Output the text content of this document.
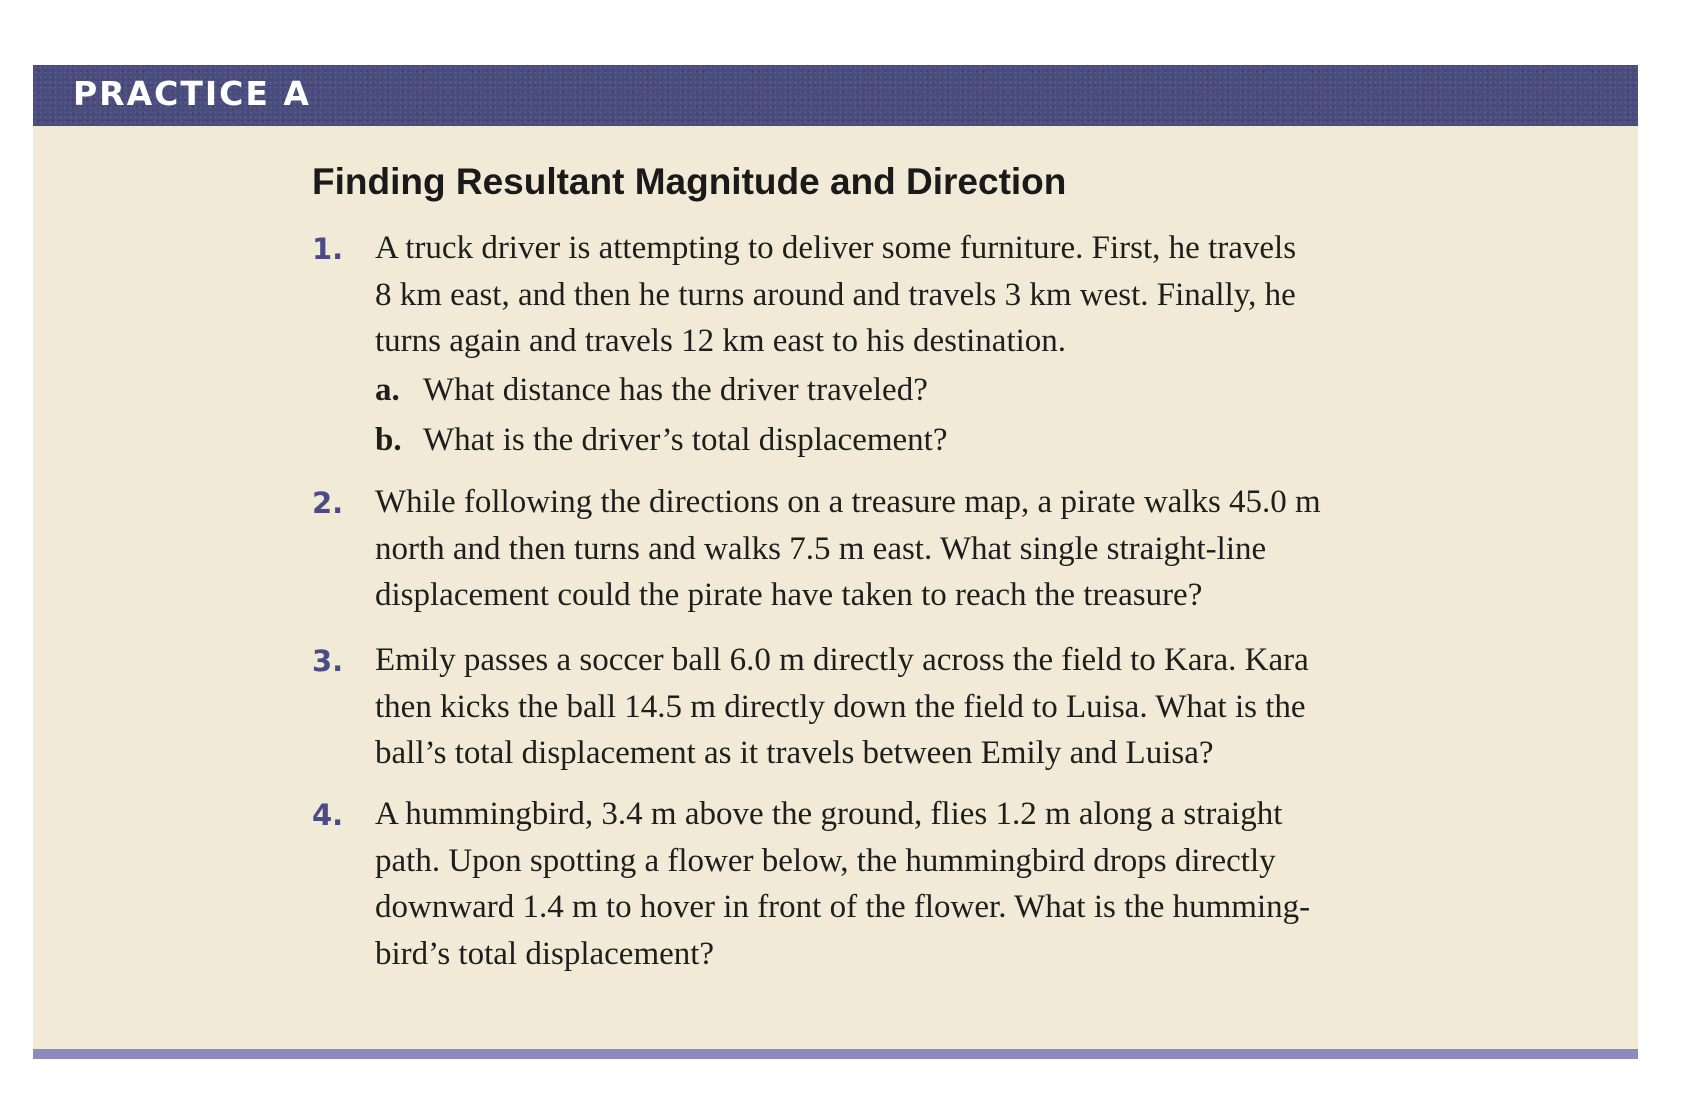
PRACTICE A
Finding Resultant Magnitude and Direction
1. A truck driver is attempting to deliver some furniture. First, he travels
8 km east, and then he turns around and travels 3 km west. Finally, he
turns again and travels 12 km east to his destination.
a. What distance has the driver traveled?
b. What is the driver’s total displacement?
2. While following the directions on a treasure map, a pirate walks 45.0 m
north and then turns and walks 7.5 m east. What single straight-line
displacement could the pirate have taken to reach the treasure?
3. Emily passes a soccer ball 6.0 m directly across the field to Kara. Kara
then kicks the ball 14.5 m directly down the field to Luisa. What is the
ball’s total displacement as it travels between Emily and Luisa?
4. A hummingbird, 3.4 m above the ground, flies 1.2 m along a straight
path. Upon spotting a flower below, the hummingbird drops directly
downward 1.4 m to hover in front of the flower. What is the humming-
bird’s total displacement?
